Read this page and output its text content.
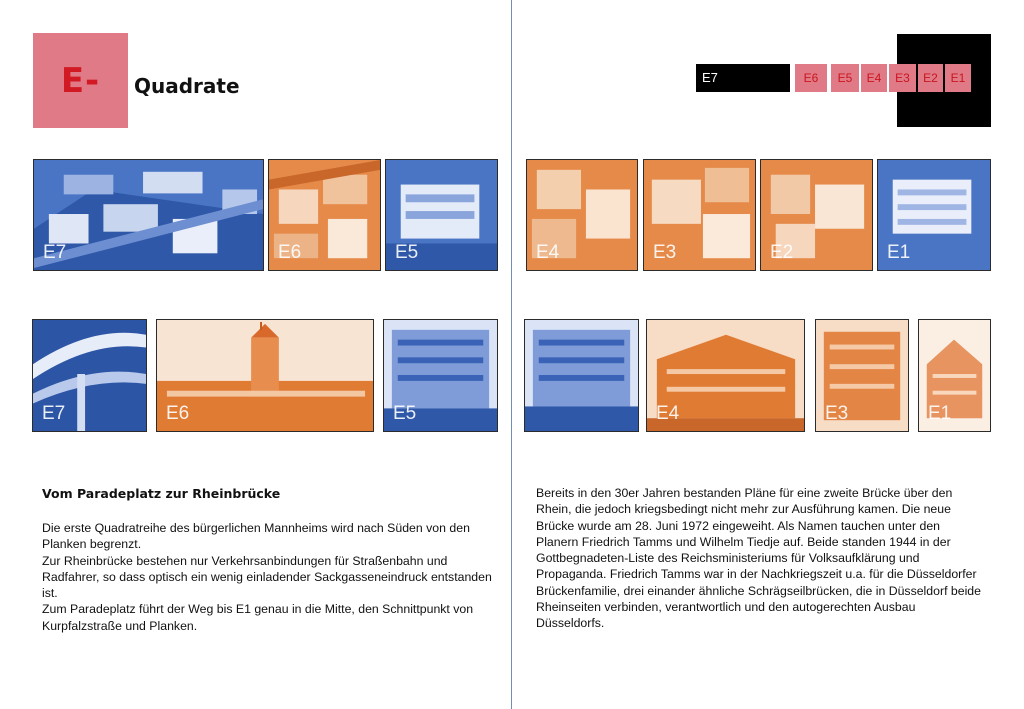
E- Quadrate	E7	E6	E5	E4	E3	E2	E1
E7	E6	E5	E4	E3	E2	E1
E7	E6	E5	E4	E3	E1
Vom Paradeplatz zur Rheinbrücke

Die erste Quadratreihe des bürgerlichen Mannheims wird nach Süden von den Planken begrenzt.

Zur Rheinbrücke bestehen nur Verkehrsanbindungen für Straßenbahn und Radfahrer, so dass optisch ein wenig einladender Sackgasseneindruck entstanden ist.

Zum Paradeplatz führt der Weg bis E1 genau in die Mitte, den Schnittpunkt von Kurpfalzstraße und Planken.

Bereits in den 30er Jahren bestanden Pläne für eine zweite Brücke über den Rhein, die jedoch kriegsbedingt nicht mehr zur Ausführung kamen. Die neue Brücke wurde am 28. Juni 1972 eingeweiht. Als Namen tauchen unter den Planern Friedrich Tamms und Wilhelm Tiedje auf. Beide standen 1944 in der Gottbegnadeten-Liste des Reichsministeriums für Volksaufklärung und Propaganda. Friedrich Tamms war in der Nachkriegszeit u.a. für die Düsseldorfer Brückenfamilie, drei einander ähnliche Schrägseilbrücken, die in Düsseldorf beide Rheinseiten verbinden, verantwortlich und den autogerechten Ausbau Düsseldorfs.
